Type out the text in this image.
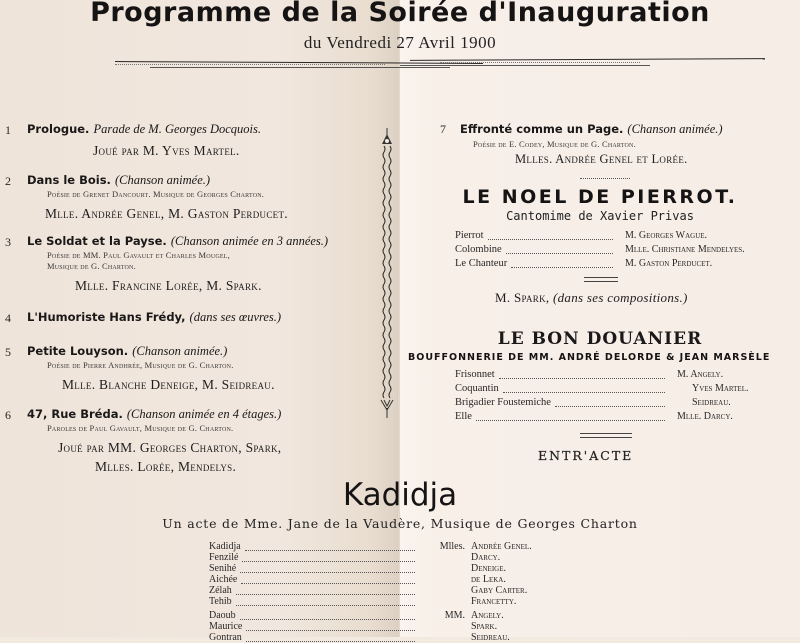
Programme de la Soirée d'Inauguration
du Vendredi 27 Avril 1900
1 Prologue. Parade de M. Georges Docquois.
Joué par M. Yves Martel.
2 Dans le Bois. (Chanson animée.)
Poésie de Grenet Dancourt. Musique de Georges Charton.
Mlle. Andrée Genel, M. Gaston Perducet.
3 Le Soldat et la Payse. (Chanson animée en 3 années.)
Poésie de MM. Paul Gavault et Charles Mougel,
Musique de G. Charton.
Mlle. Francine Lorée, M. Spark.
4 L'Humoriste Hans Frédy, (dans ses œuvres.)
5 Petite Louyson. (Chanson animée.)
Poésie de Pierre Andhrée, Musique de G. Charton.
Mlle. Blanche Deneige, M. Seidreau.
6 47, Rue Bréda. (Chanson animée en 4 étages.)
Paroles de Paul Gavault, Musique de G. Charton.
Joué par MM. Georges Charton, Spark,
Mlles. Lorée, Mendelys.
7 Effronté comme un Page. (Chanson animée.)
Poésie de E. Codey, Musique de G. Charton.
Mlles. Andrée Genel et Lorée.
LE NOEL DE PIERROT.
Cantomime de Xavier Privas
Pierrot	M. Georges Wague.
Colombine	Mlle. Christiane Mendelyes.
Le Chanteur	M. Gaston Perducet.
M. Spark, (dans ses compositions.)
LE BON DOUANIER
BOUFFONNERIE DE MM. ANDRÉ DELORDE & JEAN MARSÈLE
Frisonnet	M. Angely.
Coquantin	Yves Martel.
Brigadier Foustemiche	Seidreau.
Elle	Mlle. Darcy.
ENTR'ACTE
Kadidja
Un acte de Mme. Jane de la Vaudère, Musique de Georges Charton
Kadidja	Mlles. Andrée Genel.
Fenzilé	Darcy.
Senihé	Deneige.
Aichée	de Leka.
Zélah	Gaby Carter.
Tehib	Francetty.
Daoub	MM. Angely.
Maurice	Spark.
Gontran	Seidreau.
